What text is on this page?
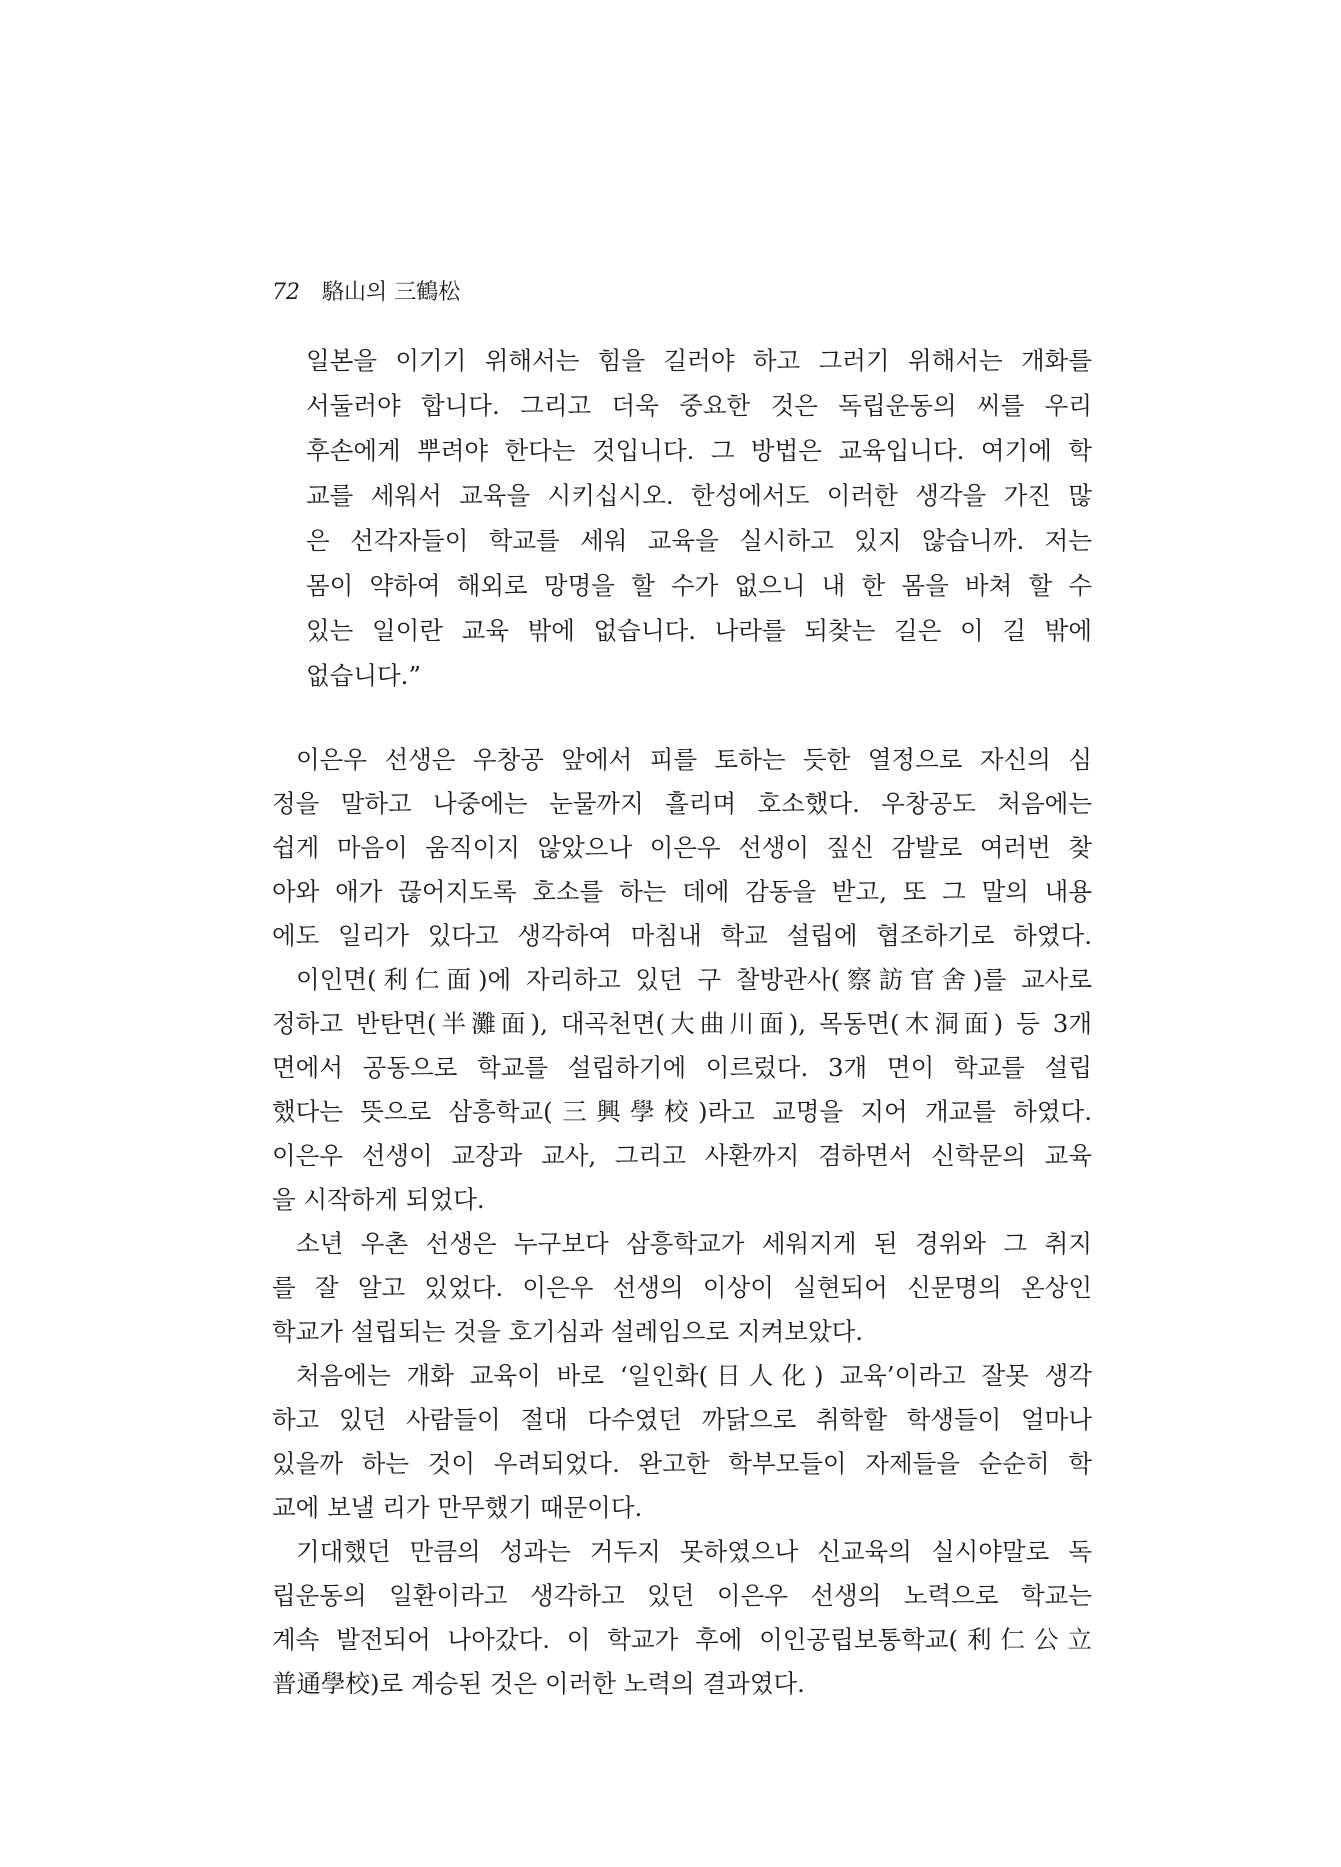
72 駱山의 三鶴松
일본을 이기기 위해서는 힘을 길러야 하고 그러기 위해서는 개화를
서둘러야 합니다. 그리고 더욱 중요한 것은 독립운동의 씨를 우리
후손에게 뿌려야 한다는 것입니다. 그 방법은 교육입니다. 여기에 학
교를 세워서 교육을 시키십시오. 한성에서도 이러한 생각을 가진 많
은 선각자들이 학교를 세워 교육을 실시하고 있지 않습니까. 저는
몸이 약하여 해외로 망명을 할 수가 없으니 내 한 몸을 바쳐 할 수
있는 일이란 교육 밖에 없습니다. 나라를 되찾는 길은 이 길 밖에
없습니다.”
이은우 선생은 우창공 앞에서 피를 토하는 듯한 열정으로 자신의 심
정을 말하고 나중에는 눈물까지 흘리며 호소했다. 우창공도 처음에는
쉽게 마음이 움직이지 않았으나 이은우 선생이 짚신 감발로 여러번 찾
아와 애가 끊어지도록 호소를 하는 데에 감동을 받고, 또 그 말의 내용
에도 일리가 있다고 생각하여 마침내 학교 설립에 협조하기로 하였다.
이인면(利仁面)에 자리하고 있던 구 찰방관사(察訪官舍)를 교사로
정하고 반탄면(半灘面), 대곡천면(大曲川面), 목동면(木洞面) 등 3개
면에서 공동으로 학교를 설립하기에 이르렀다. 3개 면이 학교를 설립
했다는 뜻으로 삼흥학교(三興學校)라고 교명을 지어 개교를 하였다.
이은우 선생이 교장과 교사, 그리고 사환까지 겸하면서 신학문의 교육
을 시작하게 되었다.
소년 우촌 선생은 누구보다 삼흥학교가 세워지게 된 경위와 그 취지
를 잘 알고 있었다. 이은우 선생의 이상이 실현되어 신문명의 온상인
학교가 설립되는 것을 호기심과 설레임으로 지켜보았다.
처음에는 개화 교육이 바로 ‘일인화(日人化) 교육’이라고 잘못 생각
하고 있던 사람들이 절대 다수였던 까닭으로 취학할 학생들이 얼마나
있을까 하는 것이 우려되었다. 완고한 학부모들이 자제들을 순순히 학
교에 보낼 리가 만무했기 때문이다.
기대했던 만큼의 성과는 거두지 못하였으나 신교육의 실시야말로 독
립운동의 일환이라고 생각하고 있던 이은우 선생의 노력으로 학교는
계속 발전되어 나아갔다. 이 학교가 후에 이인공립보통학교(利仁公立
普通學校)로 계승된 것은 이러한 노력의 결과였다.
